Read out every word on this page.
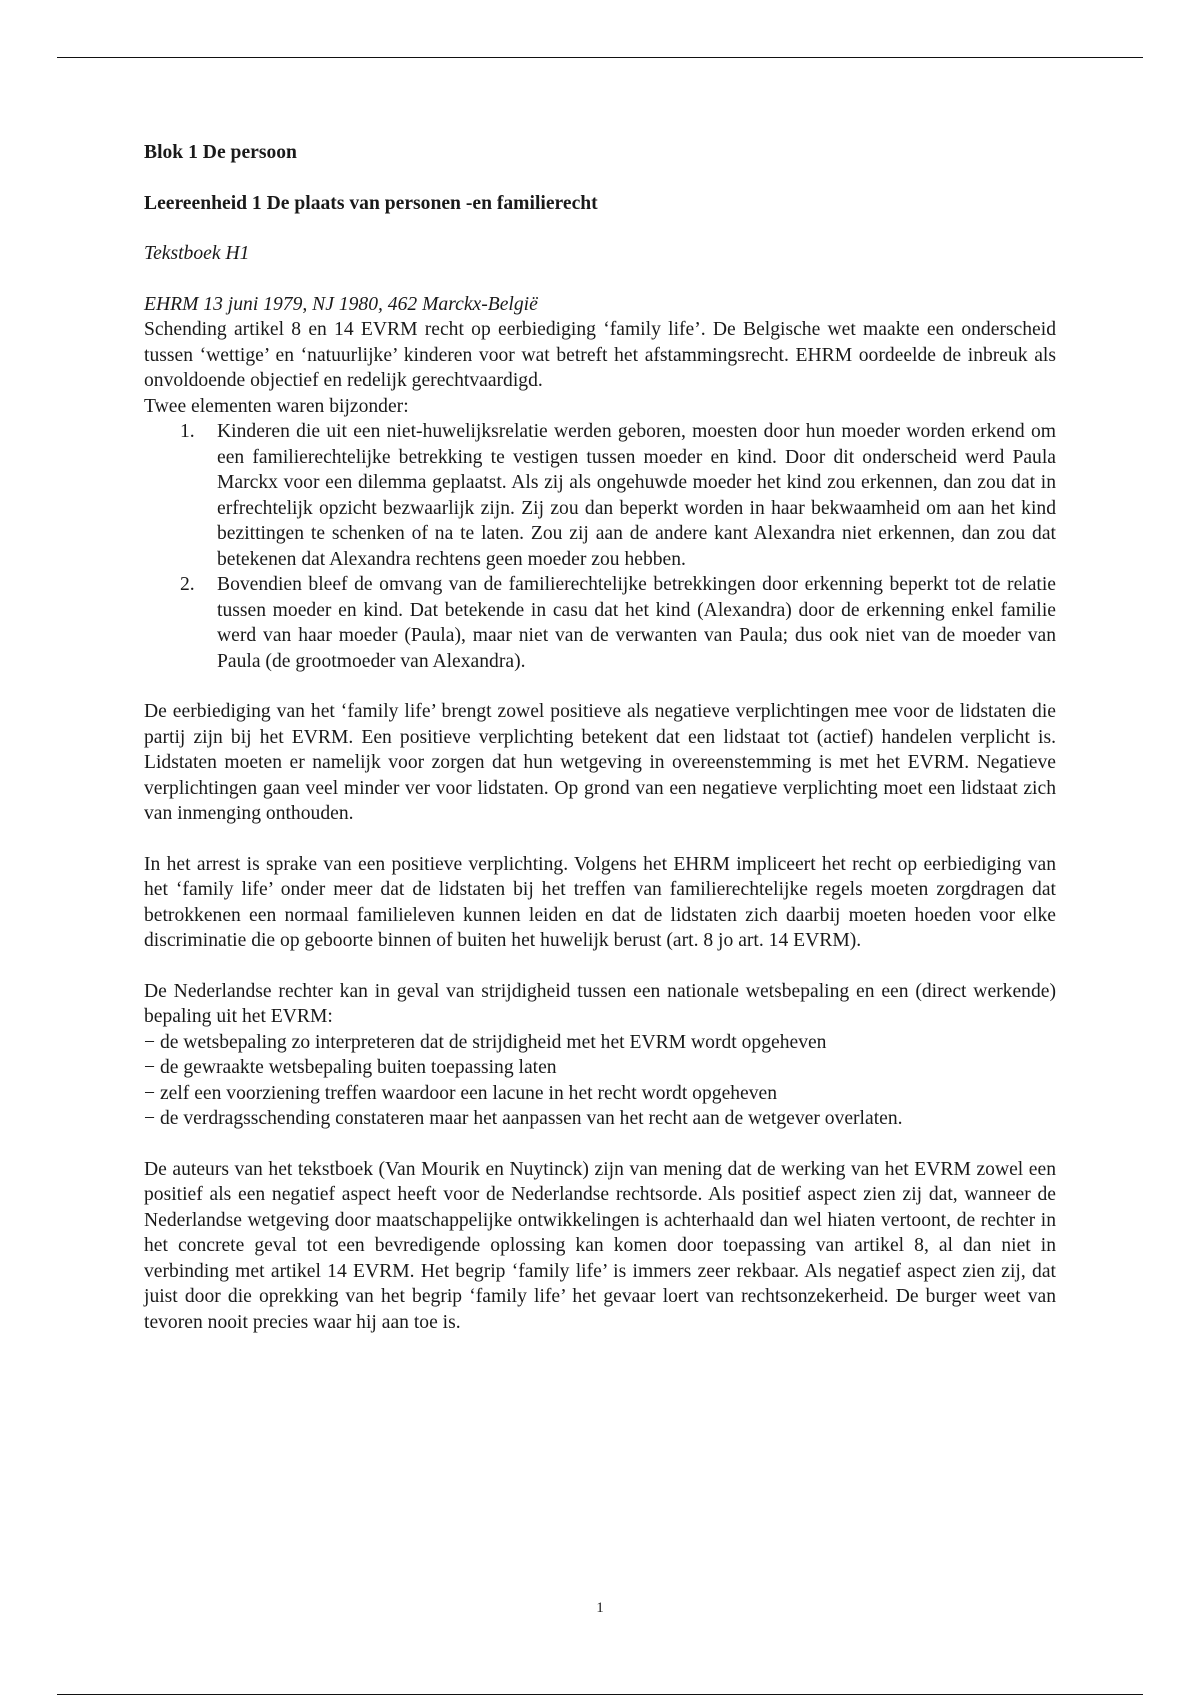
Blok 1 De persoon

Leereenheid 1 De plaats van personen -en familierecht

Tekstboek H1

EHRM 13 juni 1979, NJ 1980, 462 Marckx-België

Schending artikel 8 en 14 EVRM recht op eerbiediging ‘family life’. De Belgische wet maakte een onderscheid tussen ‘wettige’ en ‘natuurlijke’ kinderen voor wat betreft het afstammingsrecht. EHRM oordeelde de inbreuk als onvoldoende objectief en redelijk gerechtvaardigd.

Twee elementen waren bijzonder:

1. Kinderen die uit een niet-huwelijksrelatie werden geboren, moesten door hun moeder worden erkend om een familierechtelijke betrekking te vestigen tussen moeder en kind. Door dit onderscheid werd Paula Marckx voor een dilemma geplaatst. Als zij als ongehuwde moeder het kind zou erkennen, dan zou dat in erfrechtelijk opzicht bezwaarlijk zijn. Zij zou dan beperkt worden in haar bekwaamheid om aan het kind bezittingen te schenken of na te laten. Zou zij aan de andere kant Alexandra niet erkennen, dan zou dat betekenen dat Alexandra rechtens geen moeder zou hebben.
2. Bovendien bleef de omvang van de familierechtelijke betrekkingen door erkenning beperkt tot de relatie tussen moeder en kind. Dat betekende in casu dat het kind (Alexandra) door de erkenning enkel familie werd van haar moeder (Paula), maar niet van de verwanten van Paula; dus ook niet van de moeder van Paula (de grootmoeder van Alexandra).

De eerbiediging van het ‘family life’ brengt zowel positieve als negatieve verplichtingen mee voor de lidstaten die partij zijn bij het EVRM. Een positieve verplichting betekent dat een lidstaat tot (actief) handelen verplicht is. Lidstaten moeten er namelijk voor zorgen dat hun wetgeving in overeenstemming is met het EVRM. Negatieve verplichtingen gaan veel minder ver voor lidstaten. Op grond van een negatieve verplichting moet een lidstaat zich van inmenging onthouden.

In het arrest is sprake van een positieve verplichting. Volgens het EHRM impliceert het recht op eerbiediging van het ‘family life’ onder meer dat de lidstaten bij het treffen van familierechtelijke regels moeten zorgdragen dat betrokkenen een normaal familieleven kunnen leiden en dat de lidstaten zich daarbij moeten hoeden voor elke discriminatie die op geboorte binnen of buiten het huwelijk berust (art. 8 jo art. 14 EVRM).

De Nederlandse rechter kan in geval van strijdigheid tussen een nationale wetsbepaling en een (direct werkende) bepaling uit het EVRM:

− de wetsbepaling zo interpreteren dat de strijdigheid met het EVRM wordt opgeheven
− de gewraakte wetsbepaling buiten toepassing laten
− zelf een voorziening treffen waardoor een lacune in het recht wordt opgeheven
− de verdragsschending constateren maar het aanpassen van het recht aan de wetgever overlaten.

De auteurs van het tekstboek (Van Mourik en Nuytinck) zijn van mening dat de werking van het EVRM zowel een positief als een negatief aspect heeft voor de Nederlandse rechtsorde. Als positief aspect zien zij dat, wanneer de Nederlandse wetgeving door maatschappelijke ontwikkelingen is achterhaald dan wel hiaten vertoont, de rechter in het concrete geval tot een bevredigende oplossing kan komen door toepassing van artikel 8, al dan niet in verbinding met artikel 14 EVRM. Het begrip ‘family life’ is immers zeer rekbaar. Als negatief aspect zien zij, dat juist door die oprekking van het begrip ‘family life’ het gevaar loert van rechtsonzekerheid. De burger weet van tevoren nooit precies waar hij aan toe is.

1
